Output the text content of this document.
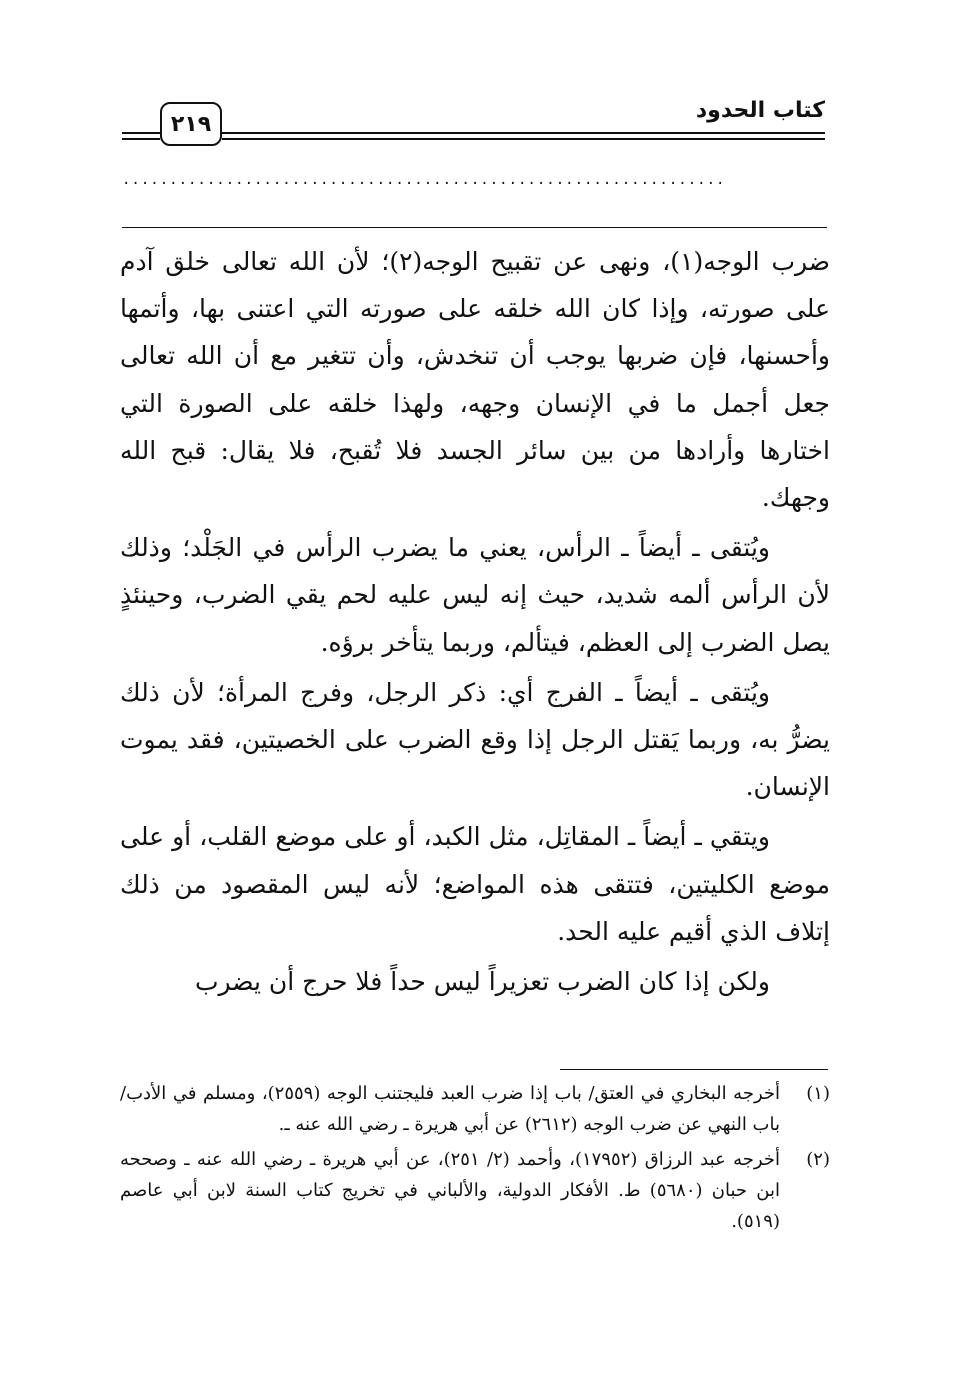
كتاب الحدود
٢١٩
................................................................

ضرب الوجه(١)، ونهى عن تقبيح الوجه(٢)؛ لأن الله تعالى خلق آدم على صورته، وإذا كان الله خلقه على صورته التي اعتنى بها، وأتمها وأحسنها، فإن ضربها يوجب أن تنخدش، وأن تتغير مع أن الله تعالى جعل أجمل ما في الإنسان وجهه، ولهذا خلقه على الصورة التي اختارها وأرادها من بين سائر الجسد فلا تُقبح، فلا يقال: قبح الله وجهك.

ويُتقى ـ أيضاً ـ الرأس، يعني ما يضرب الرأس في الجَلْد؛ وذلك لأن الرأس ألمه شديد، حيث إنه ليس عليه لحم يقي الضرب، وحينئذٍ يصل الضرب إلى العظم، فيتألم، وربما يتأخر برؤه.

ويُتقى ـ أيضاً ـ الفرج أي: ذكر الرجل، وفرج المرأة؛ لأن ذلك يضرُّ به، وربما يَقتل الرجل إذا وقع الضرب على الخصيتين، فقد يموت الإنسان.

ويتقي ـ أيضاً ـ المقاتِل، مثل الكبد، أو على موضع القلب، أو على موضع الكليتين، فتتقى هذه المواضع؛ لأنه ليس المقصود من ذلك إتلاف الذي أقيم عليه الحد.

ولكن إذا كان الضرب تعزيراً ليس حداً فلا حرج أن يضرب

(١)
أخرجه البخاري في العتق/ باب إذا ضرب العبد فليجتنب الوجه (٢٥٥٩)، ومسلم في الأدب/ باب النهي عن ضرب الوجه (٢٦١٢) عن أبي هريرة ـ رضي الله عنه ـ.
(٢)
أخرجه عبد الرزاق (١٧٩٥٢)، وأحمد (٢/ ٢٥١)، عن أبي هريرة ـ رضي الله عنه ـ وصححه ابن حبان (٥٦٨٠) ط. الأفكار الدولية، والألباني في تخريج كتاب السنة لابن أبي عاصم (٥١٩).
